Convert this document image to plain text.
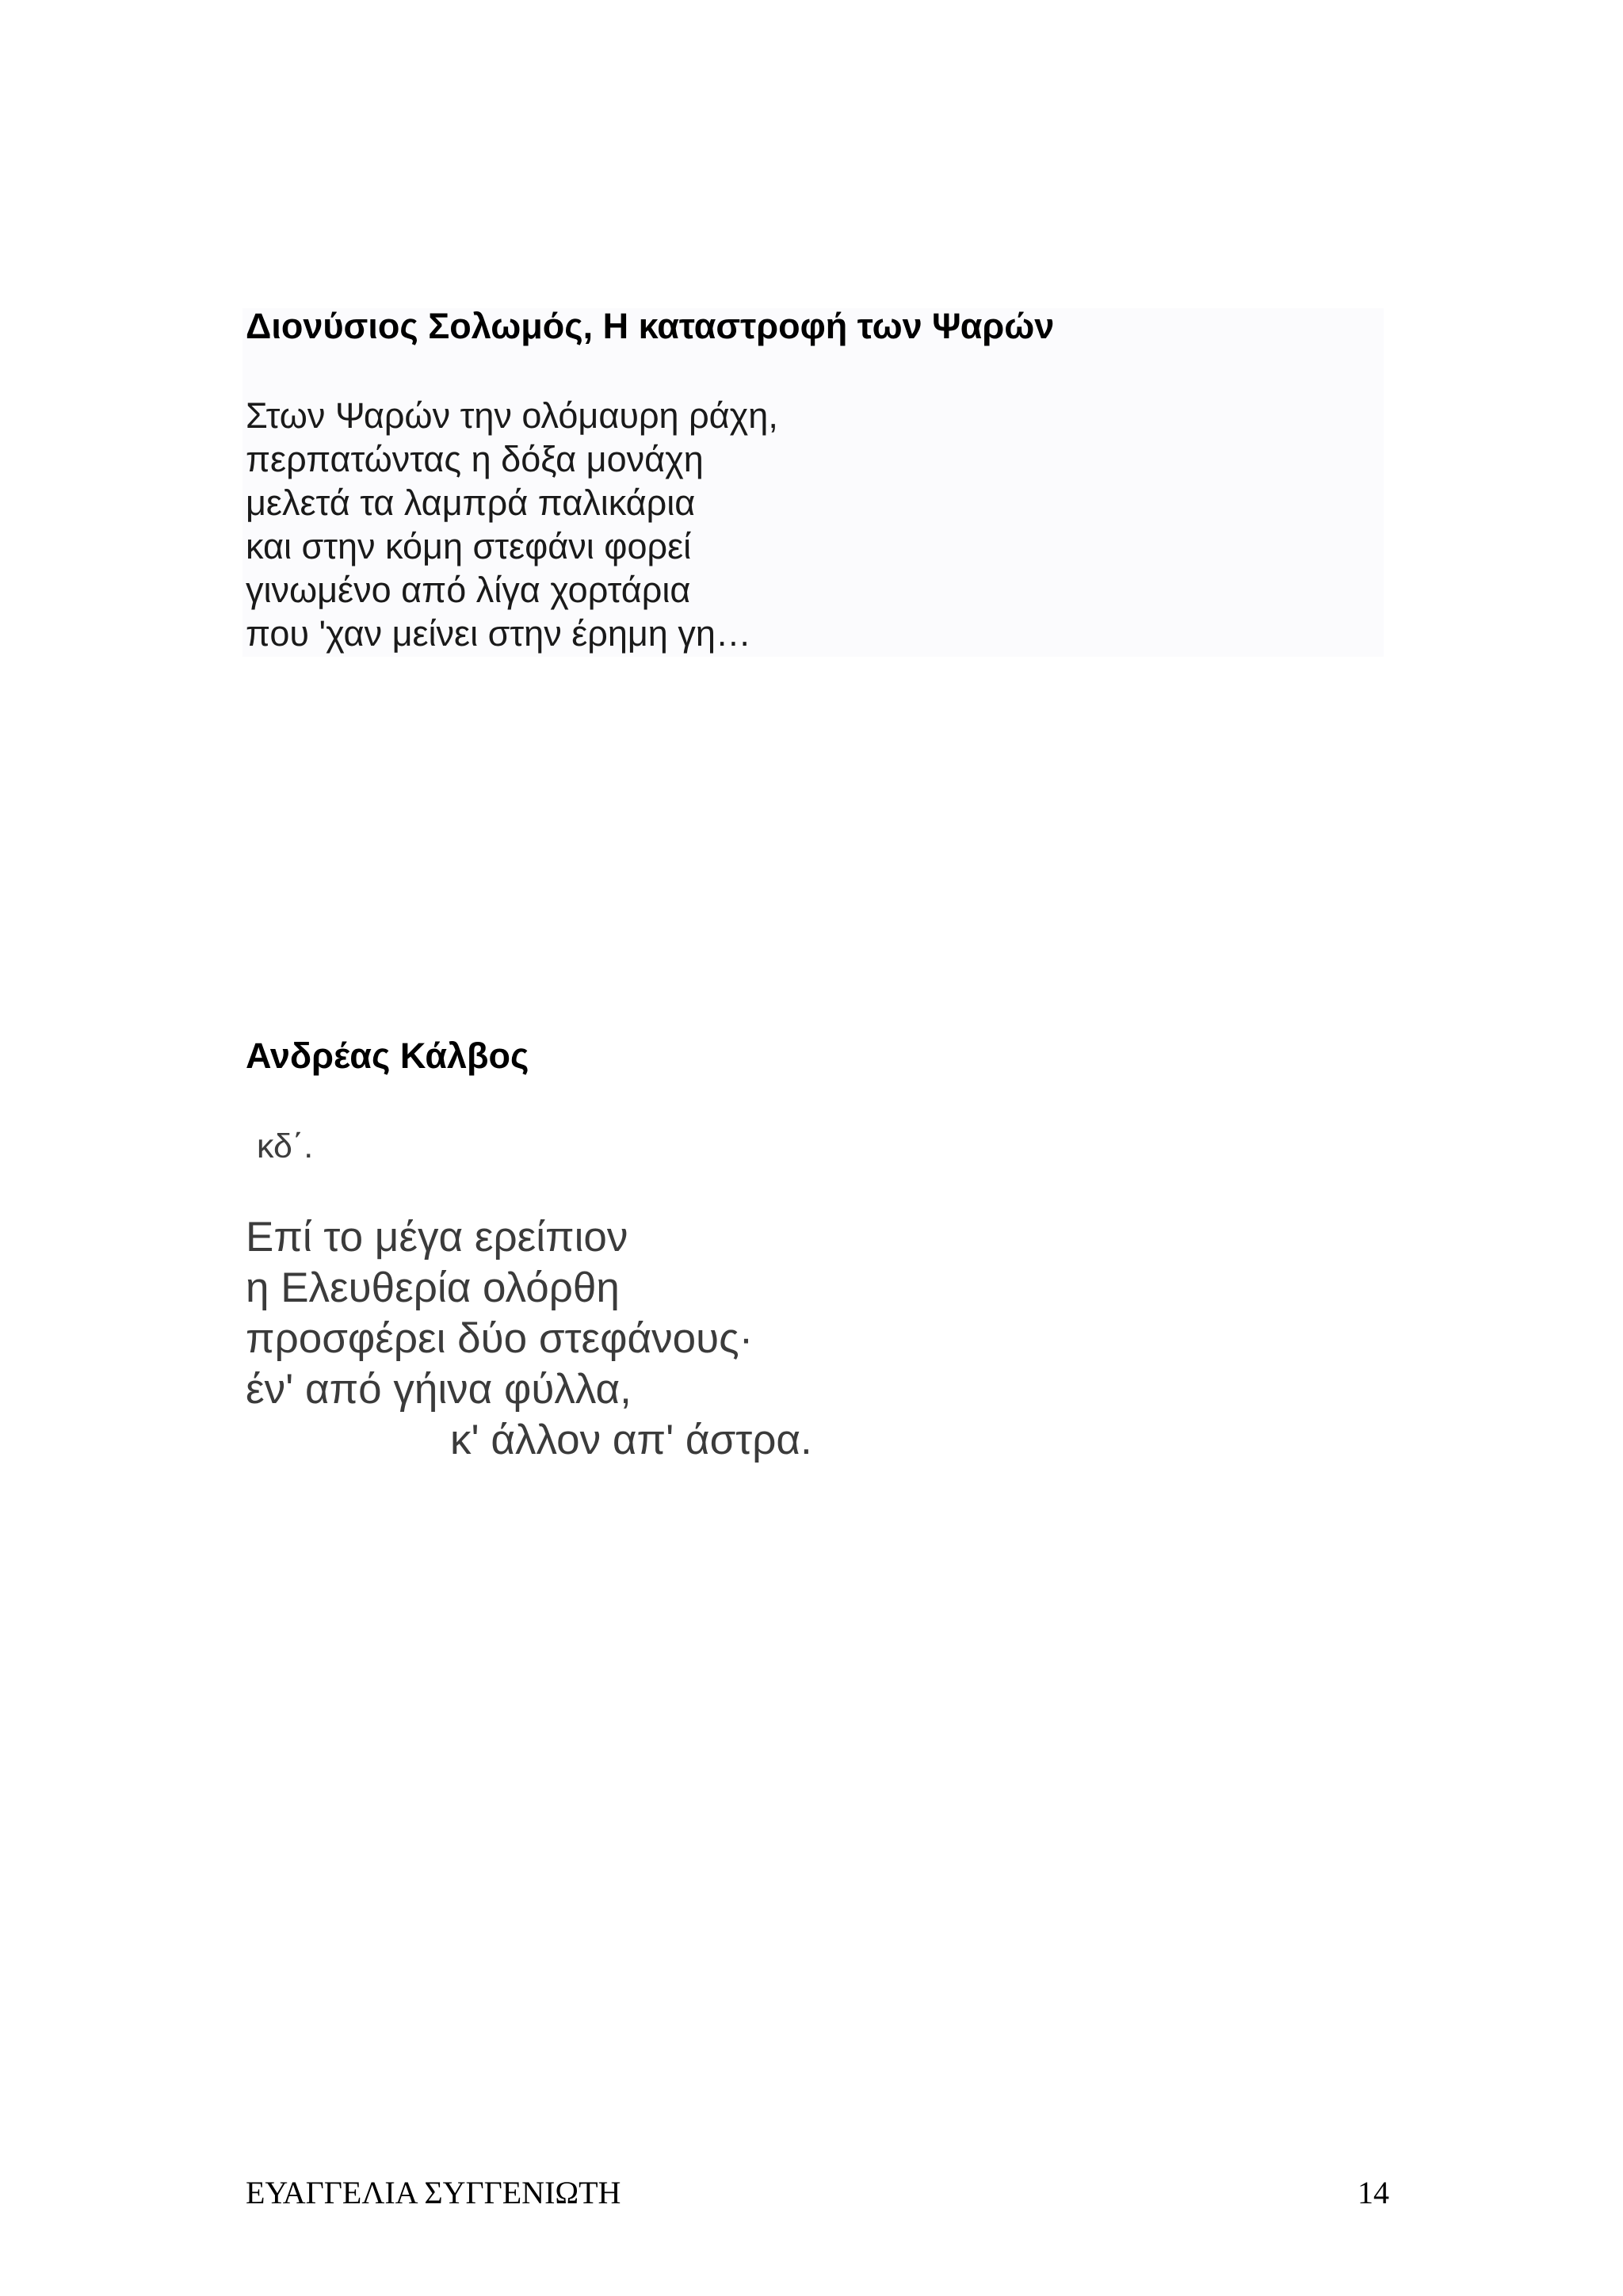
Διονύσιος Σολωμός, Η καταστροφή των Ψαρών
Στων Ψαρών την ολόμαυρη ράχη,
περπατώντας η δόξα μονάχη
μελετά τα λαμπρά παλικάρια
και στην κόμη στεφάνι φορεί
γινωμένο από λίγα χορτάρια
που 'χαν μείνει στην έρημη γη…
Ανδρέας Κάλβος

κδ΄.

Επί το μέγα ερείπιον
η Ελευθερία ολόρθη
προσφέρει δύο στεφάνους·
έν' από γήινα φύλλα,
κ' άλλον απ' άστρα.
ΕΥΑΓΓΕΛΙΑ ΣΥΓΓΕΝΙΩΤΗ	14
